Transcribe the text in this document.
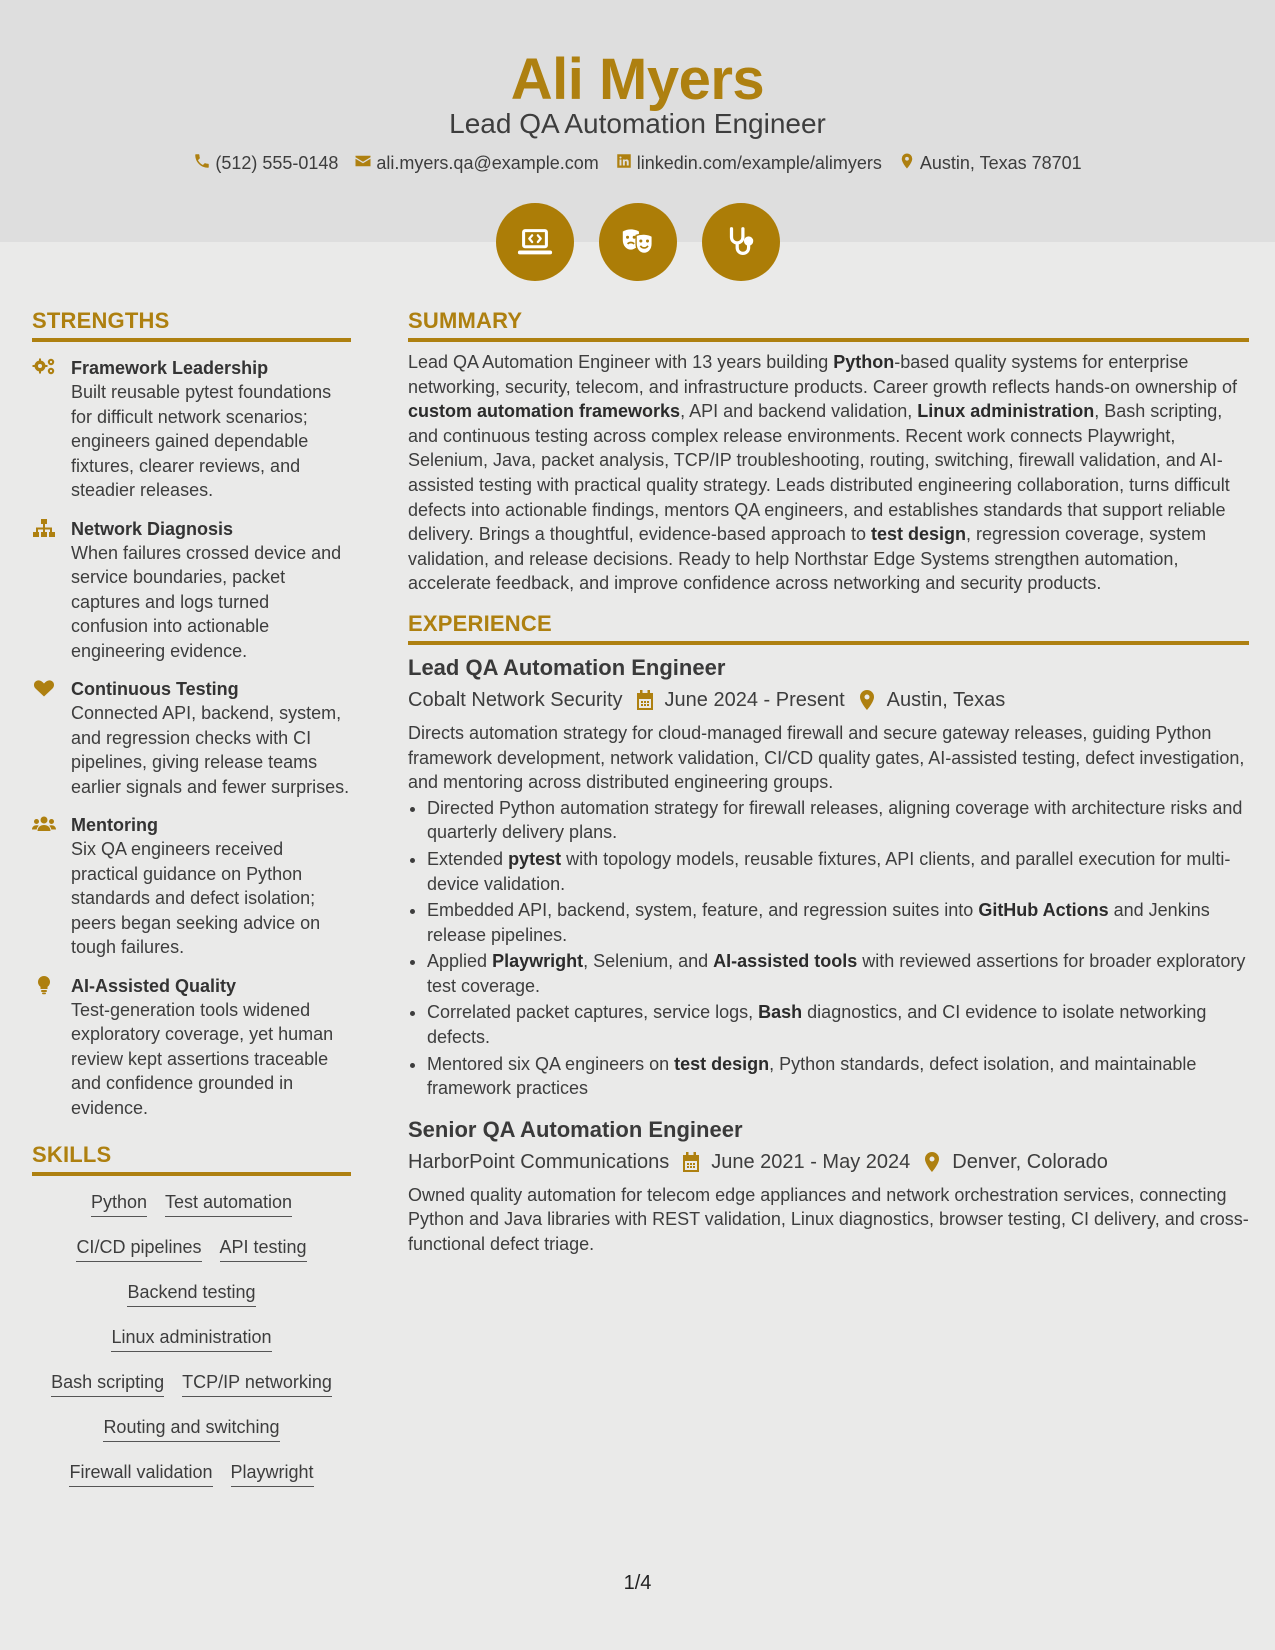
Ali Myers
Lead QA Automation Engineer
(512) 555-0148 ali.myers.qa@example.com linkedin.com/example/alimyers Austin, Texas 78701
STRENGTHS
Framework Leadership
Built reusable pytest foundations for difficult network scenarios; engineers gained dependable fixtures, clearer reviews, and steadier releases.
Network Diagnosis
When failures crossed device and service boundaries, packet captures and logs turned confusion into actionable engineering evidence.
Continuous Testing
Connected API, backend, system, and regression checks with CI pipelines, giving release teams earlier signals and fewer surprises.
Mentoring
Six QA engineers received practical guidance on Python standards and defect isolation; peers began seeking advice on tough failures.
AI-Assisted Quality
Test-generation tools widened exploratory coverage, yet human review kept assertions traceable and confidence grounded in evidence.
SKILLS
Python Test automation
CI/CD pipelines API testing
Backend testing
Linux administration
Bash scripting TCP/IP networking
Routing and switching
Firewall validation Playwright
SUMMARY

Lead QA Automation Engineer with 13 years building Python-based quality systems for enterprise networking, security, telecom, and infrastructure products. Career growth reflects hands-on ownership of custom automation frameworks, API and backend validation, Linux administration, Bash scripting, and continuous testing across complex release environments. Recent work connects Playwright, Selenium, Java, packet analysis, TCP/IP troubleshooting, routing, switching, firewall validation, and AI-assisted testing with practical quality strategy. Leads distributed engineering collaboration, turns difficult defects into actionable findings, mentors QA engineers, and establishes standards that support reliable delivery. Brings a thoughtful, evidence-based approach to test design, regression coverage, system validation, and release decisions. Ready to help Northstar Edge Systems strengthen automation, accelerate feedback, and improve confidence across networking and security products.

EXPERIENCE
Lead QA Automation Engineer
Cobalt Network Security June 2024 - Present Austin, Texas

Directs automation strategy for cloud-managed firewall and secure gateway releases, guiding Python framework development, network validation, CI/CD quality gates, AI-assisted testing, defect investigation, and mentoring across distributed engineering groups.

• Directed Python automation strategy for firewall releases, aligning coverage with architecture risks and quarterly delivery plans.
• Extended pytest with topology models, reusable fixtures, API clients, and parallel execution for multi-device validation.
• Embedded API, backend, system, feature, and regression suites into GitHub Actions and Jenkins release pipelines.
• Applied Playwright, Selenium, and AI-assisted tools with reviewed assertions for broader exploratory test coverage.
• Correlated packet captures, service logs, Bash diagnostics, and CI evidence to isolate networking defects.
• Mentored six QA engineers on test design, Python standards, defect isolation, and maintainable framework practices
Senior QA Automation Engineer
HarborPoint Communications June 2021 - May 2024 Denver, Colorado

Owned quality automation for telecom edge appliances and network orchestration services, connecting Python and Java libraries with REST validation, Linux diagnostics, browser testing, CI delivery, and cross-functional defect triage.

1/4
